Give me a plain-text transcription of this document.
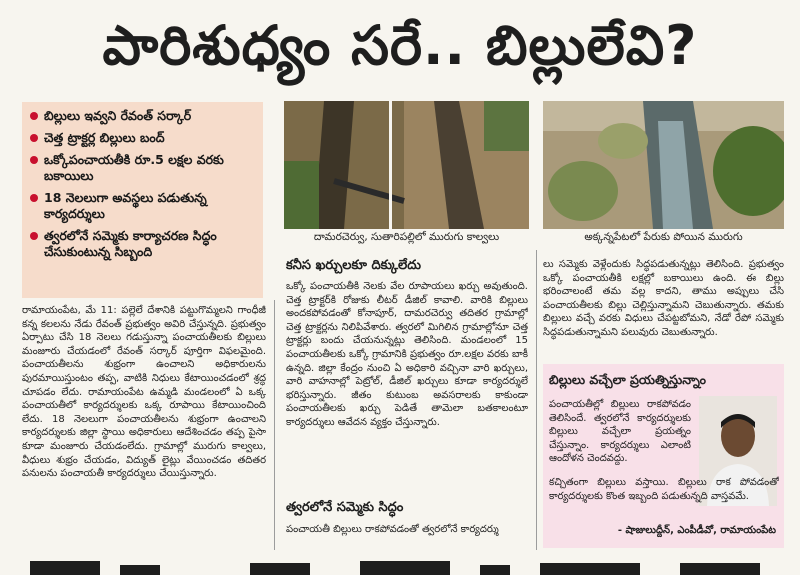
పారిశుధ్యం సరే.. బిల్లులేవి?
బిల్లులు ఇవ్వని రేవంత్ సర్కార్
చెత్త ట్రాక్టర్ల బిల్లులు బంద్
ఒక్కోపంచాయతీకి రూ.5 లక్షల వరకు బకాయిలు
18 నెలలుగా అవస్థలు పడుతున్న కార్యదర్శులు
త్వరలోనే సమ్మెకు కార్యాచరణ సిద్ధం చేసుకుంటున్న సిబ్బంది
దామరచెర్వు, సుతారిపల్లిలో మురుగు కాల్వలు	అక్కన్నపేటలో పేరుకు పోయిన మురుగు
రామాయంపేట, మే 11: పల్లెలే దేశానికి పట్టుగొమ్మలని గాంధీజీ కన్న కలలను నేడు రేవంత్ ప్రభుత్వం అవిరి చేస్తున్నది. ప్రభుత్వం ఏర్పాటు చేసి 18 నెలలు గడుస్తున్నా పంచాయతీలకు బిల్లులు మంజూరు చేయడంలో రేవంత్ సర్కార్ పూర్తిగా విఫలమైంది. పంచాయతీలను శుభ్రంగా ఉంచాలని అధికారులను పురమాయిస్తుంటం తప్ప, వాటికి నిధులు కేటాయించడంలో శ్రద్ధ చూపడం లేదు. రామాయంపేట ఉమ్మడి మండలంలో ఏ ఒక్క పంచాయతీలో కార్యదర్శులకు ఒక్క రూపాయి కేటాయించింది లేదు. 18 నెలలుగా పంచాయతీలను శుభ్రంగా ఉంచాలని కార్యదర్శులకు జిల్లా స్థాయి అధికారులు ఆదేశించడం తప్ప పైసా కూడా మంజూరు చేయడంలేదు. గ్రామాల్లో మురుగు కాల్వలు, వీధులు శుభ్రం చేయడం, విద్యుత్ లైట్లు వేయించడం తదితర పనులను పంచాయతీ కార్యదర్శులు చేయిస్తున్నారు.
కనీస ఖర్చులకూ దిక్కులేదు
ఒక్కో పంచాయతీకి నెలకు వేల రూపాయలు ఖర్చు అవుతుంది. చెత్త ట్రాక్టర్‌కి రోజుకు లీటర్ డీజిల్ కావాలి. వారికి బిల్లులు అందకపోవడంతో కోనాపూర్, దామరచెర్వు తదితర గ్రామాల్లో చెత్త ట్రాక్టర్లను నిలిపివేశారు. త్వరలో మిగిలిన గ్రామాల్లోనూ చెత్త ట్రాక్టర్లు బందు చేయనున్నట్లు తెలిసింది. మండలంలో 15 పంచాయతీలకు ఒక్కో గ్రామానికి ప్రభుత్వం రూ.లక్షల వరకు బాకీ ఉన్నది. జిల్లా కేంద్రం నుంచి ఏ అధికారి వచ్చినా వారి ఖర్చులు, వారి వాహనాల్లో పెట్రోల్, డీజిల్ ఖర్చులు కూడా కార్యదర్శులే భరిస్తున్నారు. జీతం కుటుంబ అవసరాలకు కాకుండా పంచాయతీలకు ఖర్చు పెడితే తామెలా బతకాలంటూ కార్యదర్శులు ఆవేదన వ్యక్తం చేస్తున్నారు.
త్వరలోనే సమ్మెకు సిద్ధం
పంచాయతీ బిల్లులు రాకపోవడంతో త్వరలోనే కార్యదర్శు
లు సమ్మెకు వెళ్లేందుకు సిద్ధపడుతున్నట్లు తెలిసింది. ప్రభుత్వం ఒక్కో పంచాయతీకి లక్షల్లో బకాయిలు ఉంది. ఈ బిల్లు భరించాలంటే తమ వల్ల కాదని, తాము అప్పులు చేసి పంచాయతీలకు బిల్లు చెల్లిస్తున్నామని చెబుతున్నారు. తమకు బిల్లులు వచ్చే వరకు విధులు చేపట్టబోమని, నేడో రేపో సమ్మెకు సిద్ధపడుతున్నామని పలువురు చెబుతున్నారు.
బిల్లులు వచ్చేలా ప్రయత్నిస్తున్నాం
పంచాయతీల్లో బిల్లులు రాకపోవడం తెలిసిందే. త్వరలోనే కార్యదర్శులకు బిల్లులు వచ్చేలా ప్రయత్నం చేస్తున్నాం. కార్యదర్శులు ఎలాంటి ఆందోళన చెందవద్దు.
కచ్చితంగా బిల్లులు వస్తాయి. బిల్లులు రాక పోవడంతో కార్యదర్శులకు కొంత ఇబ్బంది పడుతున్నది వాస్తవమే.
- షాజులుద్దీన్, ఎంపీడీవో, రామాయంపేట
